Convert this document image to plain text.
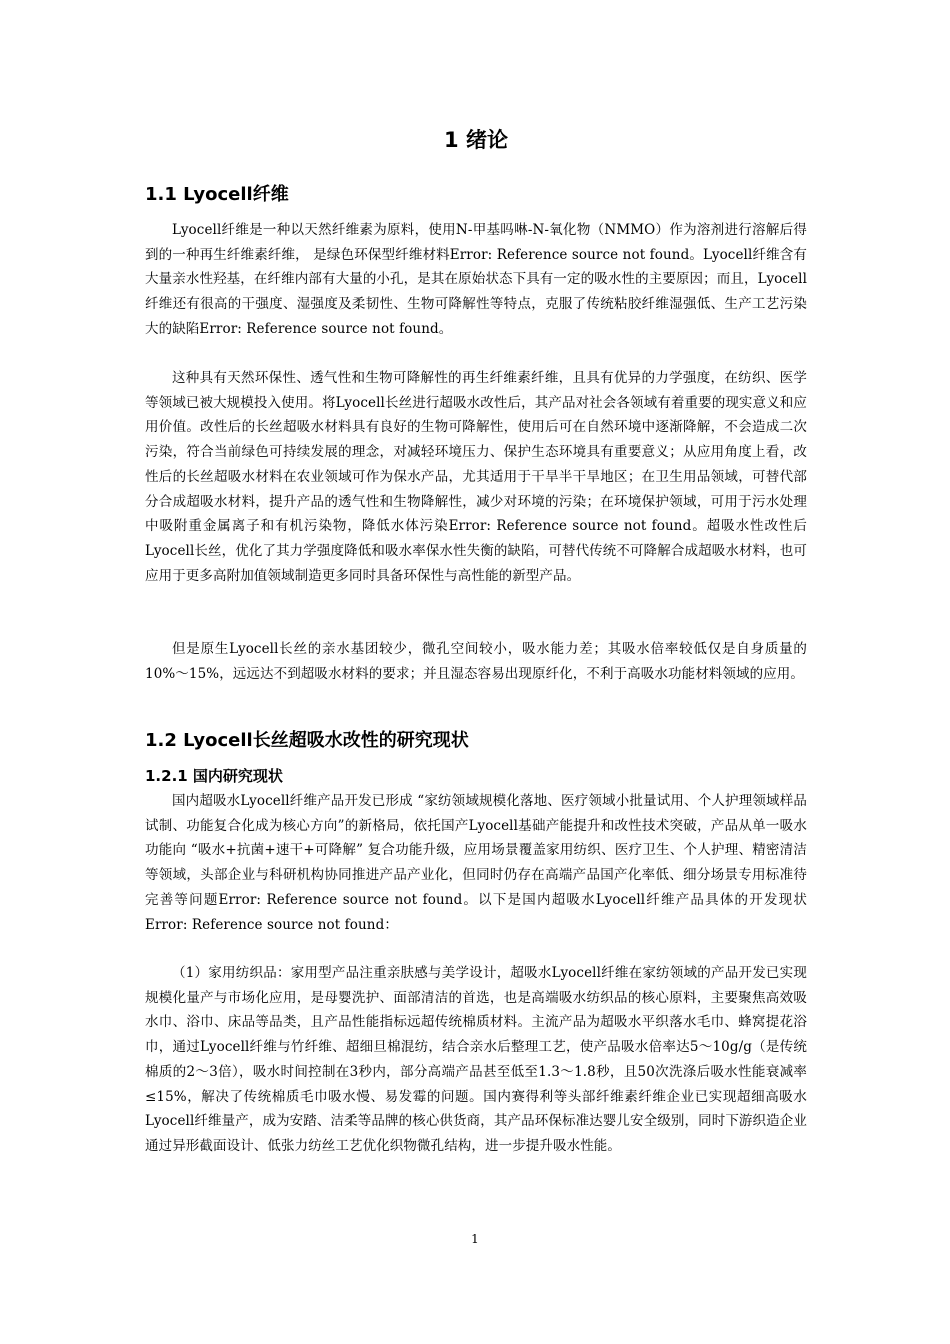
1 绪论
1.1 Lyocell纤维

Lyocell纤维是一种以天然纤维素为原料，使用N-甲基吗啉-N-氧化物（NMMO）作为溶剂进行溶解后得到的一种再生纤维素纤维， 是绿色环保型纤维材料Error: Reference source not found。Lyocell纤维含有大量亲水性羟基，在纤维内部有大量的小孔，是其在原始状态下具有一定的吸水性的主要原因；而且，Lyocell 纤维还有很高的干强度、湿强度及柔韧性、生物可降解性等特点，克服了传统粘胶纤维湿强低、生产工艺污染大的缺陷Error: Reference source not found。

这种具有天然环保性、透气性和生物可降解性的再生纤维素纤维，且具有优异的力学强度，在纺织、医学等领域已被大规模投入使用。将Lyocell长丝进行超吸水改性后，其产品对社会各领域有着重要的现实意义和应用价值。改性后的长丝超吸水材料具有良好的生物可降解性，使用后可在自然环境中逐渐降解，不会造成二次污染，符合当前绿色可持续发展的理念，对减轻环境压力、保护生态环境具有重要意义；从应用角度上看，改性后的长丝超吸水材料在农业领域可作为保水产品，尤其适用于干旱半干旱地区；在卫生用品领域，可替代部分合成超吸水材料，提升产品的透气性和生物降解性，减少对环境的污染；在环境保护领域，可用于污水处理中吸附重金属离子和有机污染物，降低水体污染Error: Reference source not found。超吸水性改性后Lyocell长丝，优化了其力学强度降低和吸水率保水性失衡的缺陷，可替代传统不可降解合成超吸水材料，也可应用于更多高附加值领域制造更多同时具备环保性与高性能的新型产品。

但是原生Lyocell长丝的亲水基团较少，微孔空间较小，吸水能力差；其吸水倍率较低仅是自身质量的10%～15%，远远达不到超吸水材料的要求；并且湿态容易出现原纤化，不利于高吸水功能材料领域的应用。

1.2 Lyocell长丝超吸水改性的研究现状
1.2.1 国内研究现状

国内超吸水Lyocell纤维产品开发已形成 “家纺领域规模化落地、医疗领域小批量试用、个人护理领域样品试制、功能复合化成为核心方向”的新格局，依托国产Lyocell基础产能提升和改性技术突破，产品从单一吸水功能向 “吸水+抗菌+速干+可降解” 复合功能升级，应用场景覆盖家用纺织、医疗卫生、个人护理、精密清洁等领域，头部企业与科研机构协同推进产品产业化，但同时仍存在高端产品国产化率低、细分场景专用标准待完善等问题Error: Reference source not found。以下是国内超吸水Lyocell纤维产品具体的开发现状Error: Reference source not found：

（1）家用纺织品：家用型产品注重亲肤感与美学设计，超吸水Lyocell纤维在家纺领域的产品开发已实现规模化量产与市场化应用，是母婴洗护、面部清洁的首选，也是高端吸水纺织品的核心原料，主要聚焦高效吸水巾、浴巾、床品等品类，且产品性能指标远超传统棉质材料。主流产品为超吸水平织落水毛巾、蜂窝提花浴巾，通过Lyocell纤维与竹纤维、超细旦棉混纺，结合亲水后整理工艺，使产品吸水倍率达5～10g/g（是传统棉质的2～3倍），吸水时间控制在3秒内，部分高端产品甚至低至1.3～1.8秒，且50次洗涤后吸水性能衰减率≤15%，解决了传统棉质毛巾吸水慢、易发霉的问题。国内赛得利等头部纤维素纤维企业已实现超细高吸水Lyocell纤维量产，成为安踏、洁柔等品牌的核心供货商，其产品环保标准达婴儿安全级别，同时下游织造企业通过异形截面设计、低张力纺丝工艺优化织物微孔结构，进一步提升吸水性能。

1
